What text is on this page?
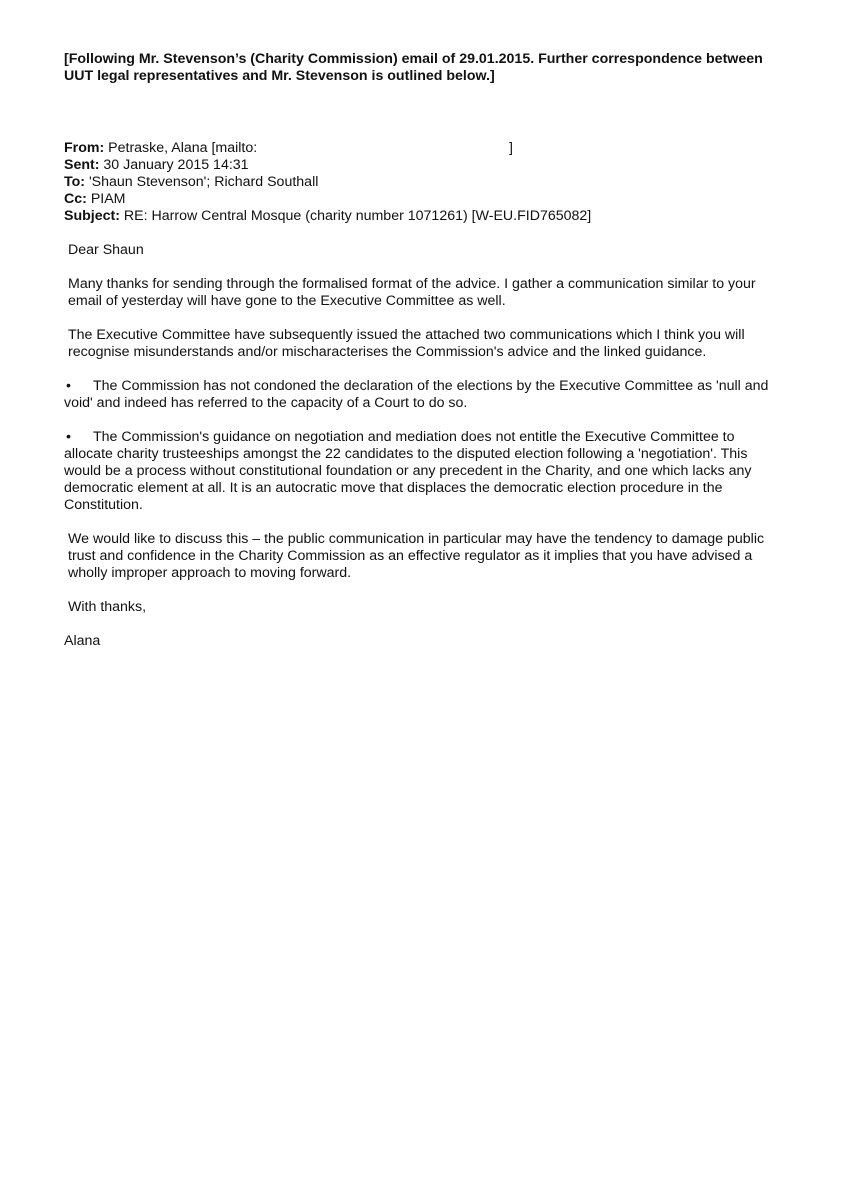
[Following Mr. Stevenson’s (Charity Commission) email of 29.01.2015. Further correspondence between UUT legal representatives and Mr. Stevenson is outlined below.]
From: Petraske, Alana [mailto:	]
Sent: 30 January 2015 14:31
To: 'Shaun Stevenson'; Richard Southall
Cc: PIAM
Subject: RE: Harrow Central Mosque (charity number 1071261) [W-EU.FID765082]

Dear Shaun

Many thanks for sending through the formalised format of the advice. I gather a communication similar to your email of yesterday will have gone to the Executive Committee as well.

The Executive Committee have subsequently issued the attached two communications which I think you will recognise misunderstands and/or mischaracterises the Commission's advice and the linked guidance.

• The Commission has not condoned the declaration of the elections by the Executive Committee as 'null and void' and indeed has referred to the capacity of a Court to do so.

• The Commission's guidance on negotiation and mediation does not entitle the Executive Committee to allocate charity trusteeships amongst the 22 candidates to the disputed election following a 'negotiation'. This would be a process without constitutional foundation or any precedent in the Charity, and one which lacks any democratic element at all. It is an autocratic move that displaces the democratic election procedure in the Constitution.

We would like to discuss this – the public communication in particular may have the tendency to damage public trust and confidence in the Charity Commission as an effective regulator as it implies that you have advised a wholly improper approach to moving forward.

With thanks,

Alana
